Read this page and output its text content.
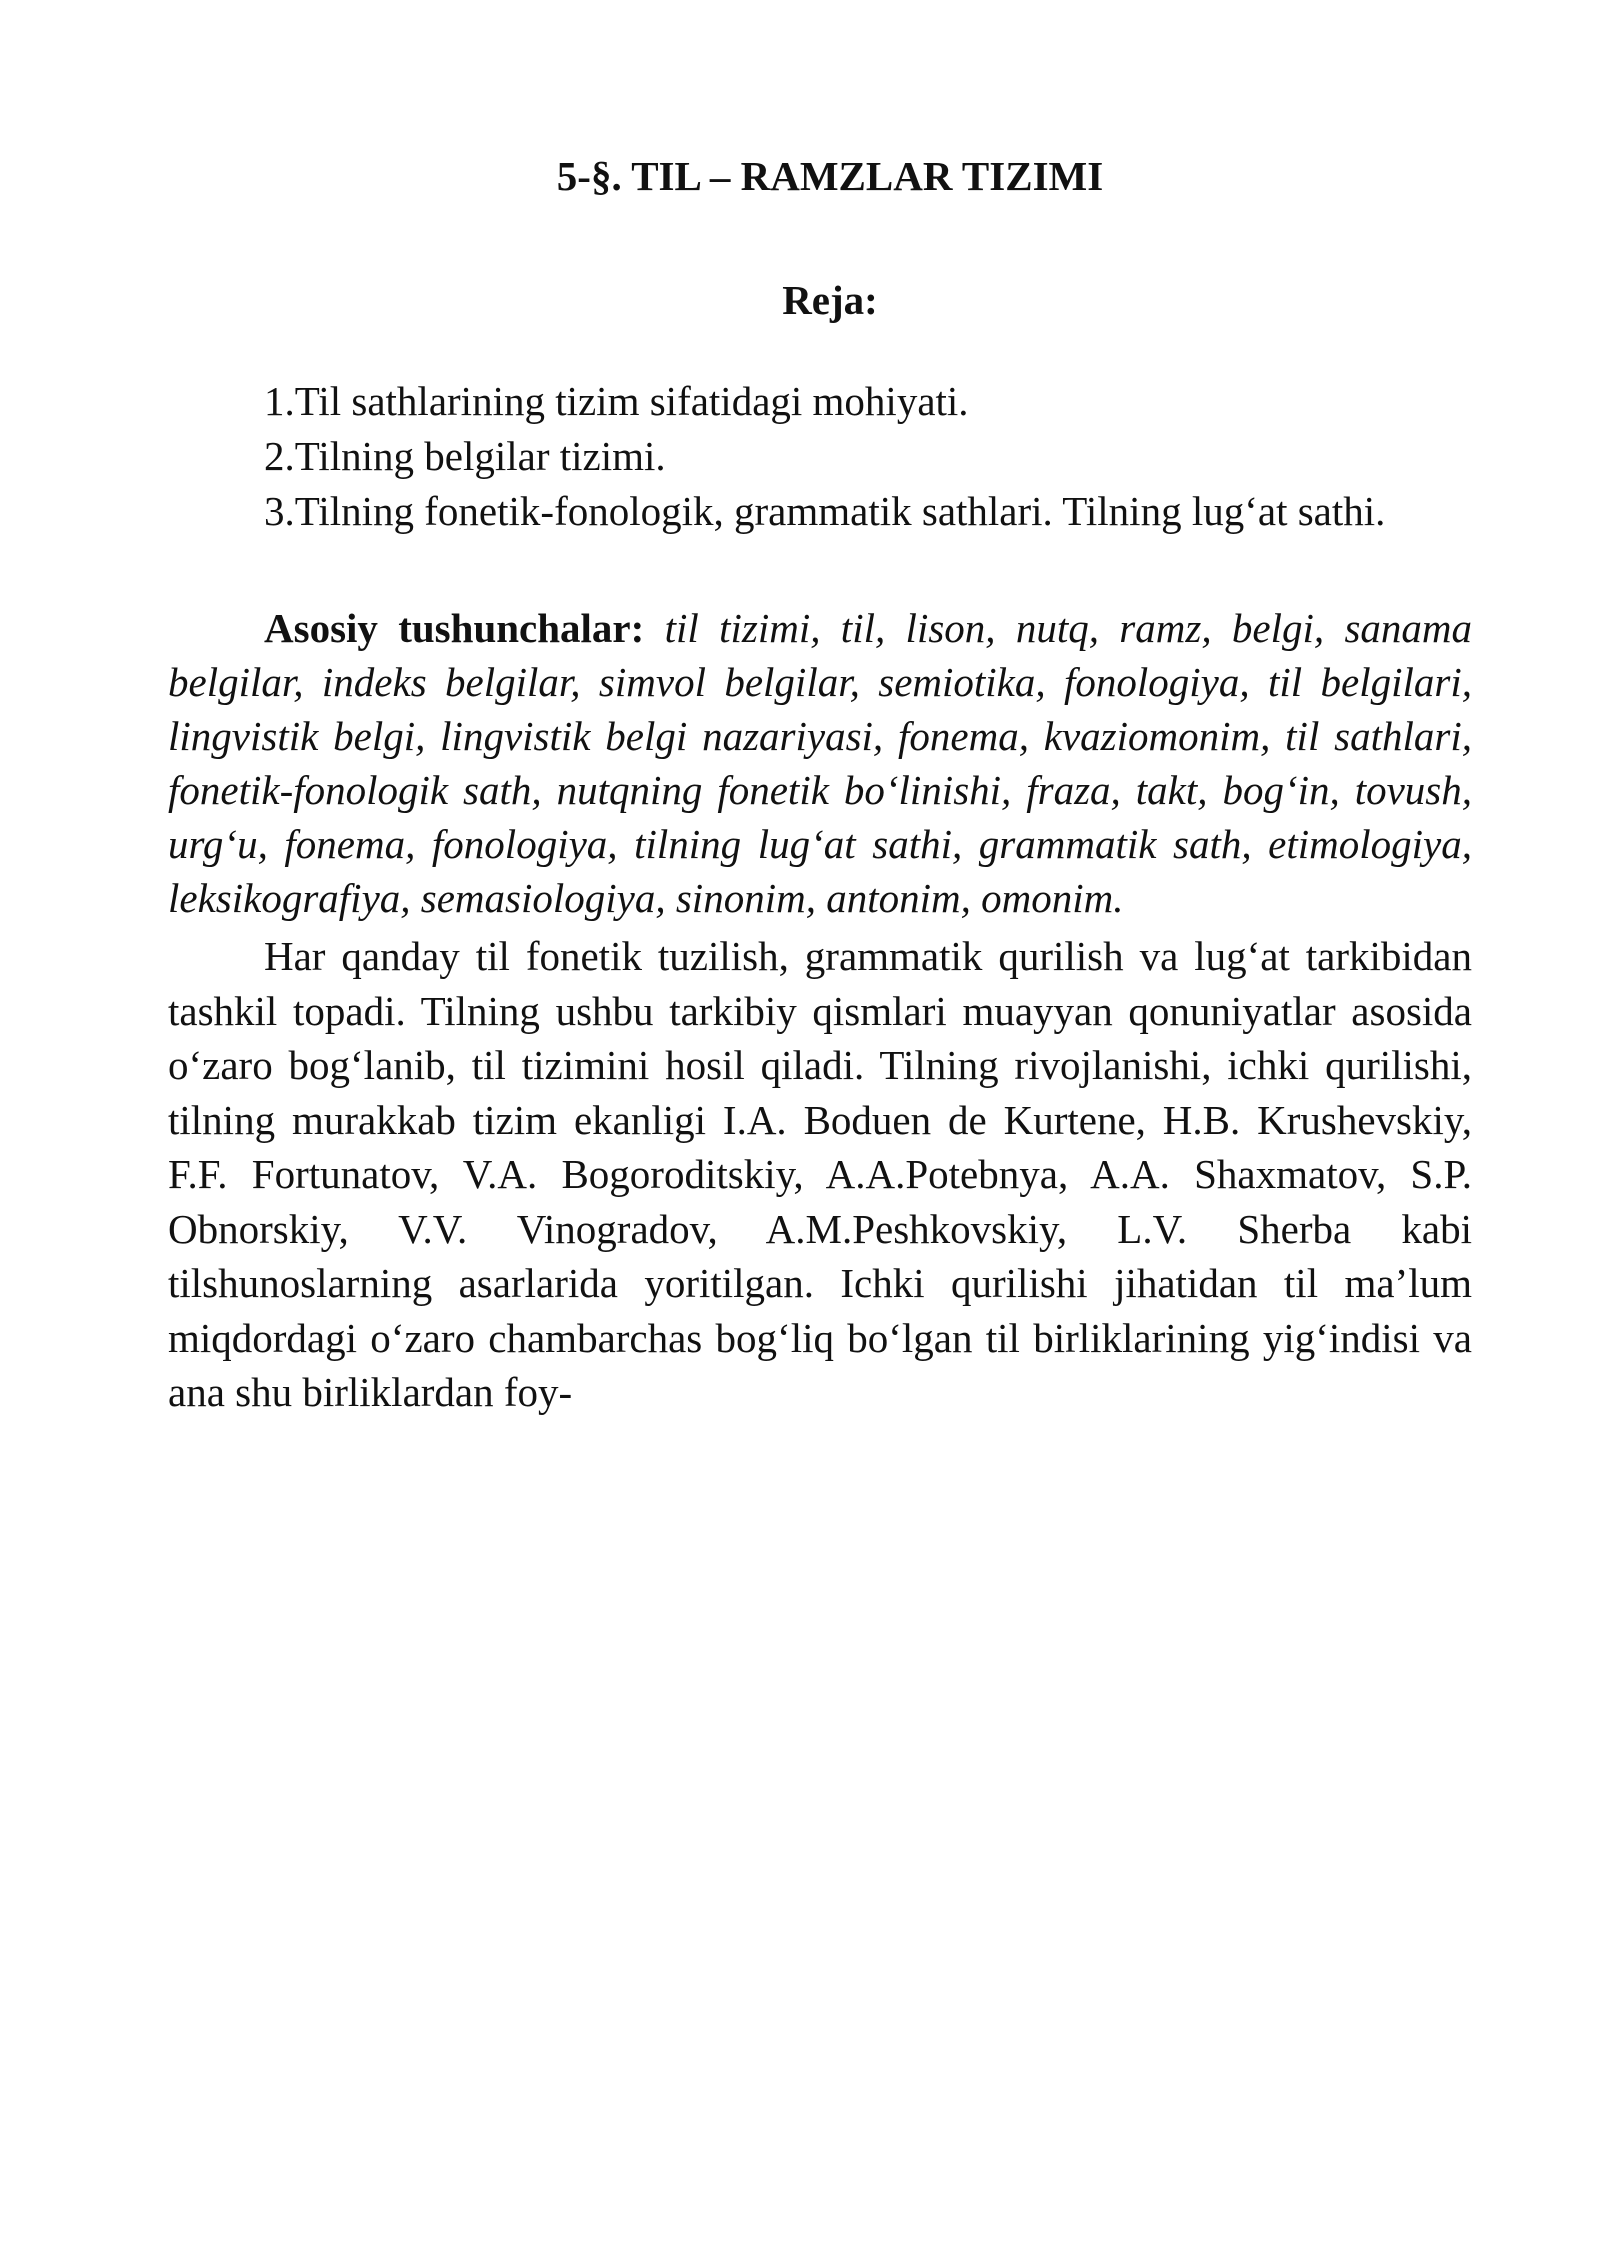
5-§. TIL – RAMZLAR TIZIMI
Reja:

1.Til sathlarining tizim sifatidagi mohiyati.

2.Tilning belgilar tizimi.

3.Tilning fonetik-fonologik, grammatik sathlari. Tilning lug‘at sathi.

Asosiy tushunchalar: til tizimi, til, lison, nutq, ramz, belgi, sanama belgilar, indeks belgilar, simvol belgilar, semiotika, fonologiya, til belgilari, lingvistik belgi, lingvistik belgi nazariyasi, fonema, kvaziomonim, til sathlari, fonetik-fonologik sath, nutqning fonetik bo‘linishi, fraza, takt, bog‘in, tovush, urg‘u, fonema, fonologiya, tilning lug‘at sathi, grammatik sath, etimologiya, leksikografiya, semasiologiya, sinonim, antonim, omonim.

Har qanday til fonetik tuzilish, grammatik qurilish va lug‘at tarkibidan tashkil topadi. Tilning ushbu tarkibiy qismlari muayyan qonuniyatlar asosida o‘zaro bog‘lanib, til tizimini hosil qiladi. Tilning rivojlanishi, ichki qurilishi, tilning murakkab tizim ekanligi I.A. Boduen de Kurtene, H.B. Krushevskiy, F.F. Fortunatov, V.A. Bogoroditskiy, A.A.Potebnya, A.A. Shaxmatov, S.P. Obnorskiy, V.V. Vinogradov, A.M.Peshkovskiy, L.V. Sherba kabi tilshunoslarning asarlarida yoritilgan. Ichki qurilishi jihatidan til ma’lum miqdordagi o‘zaro chambarchas bog‘liq bo‘lgan til birliklarining yig‘indisi va ana shu birliklardan foy-
